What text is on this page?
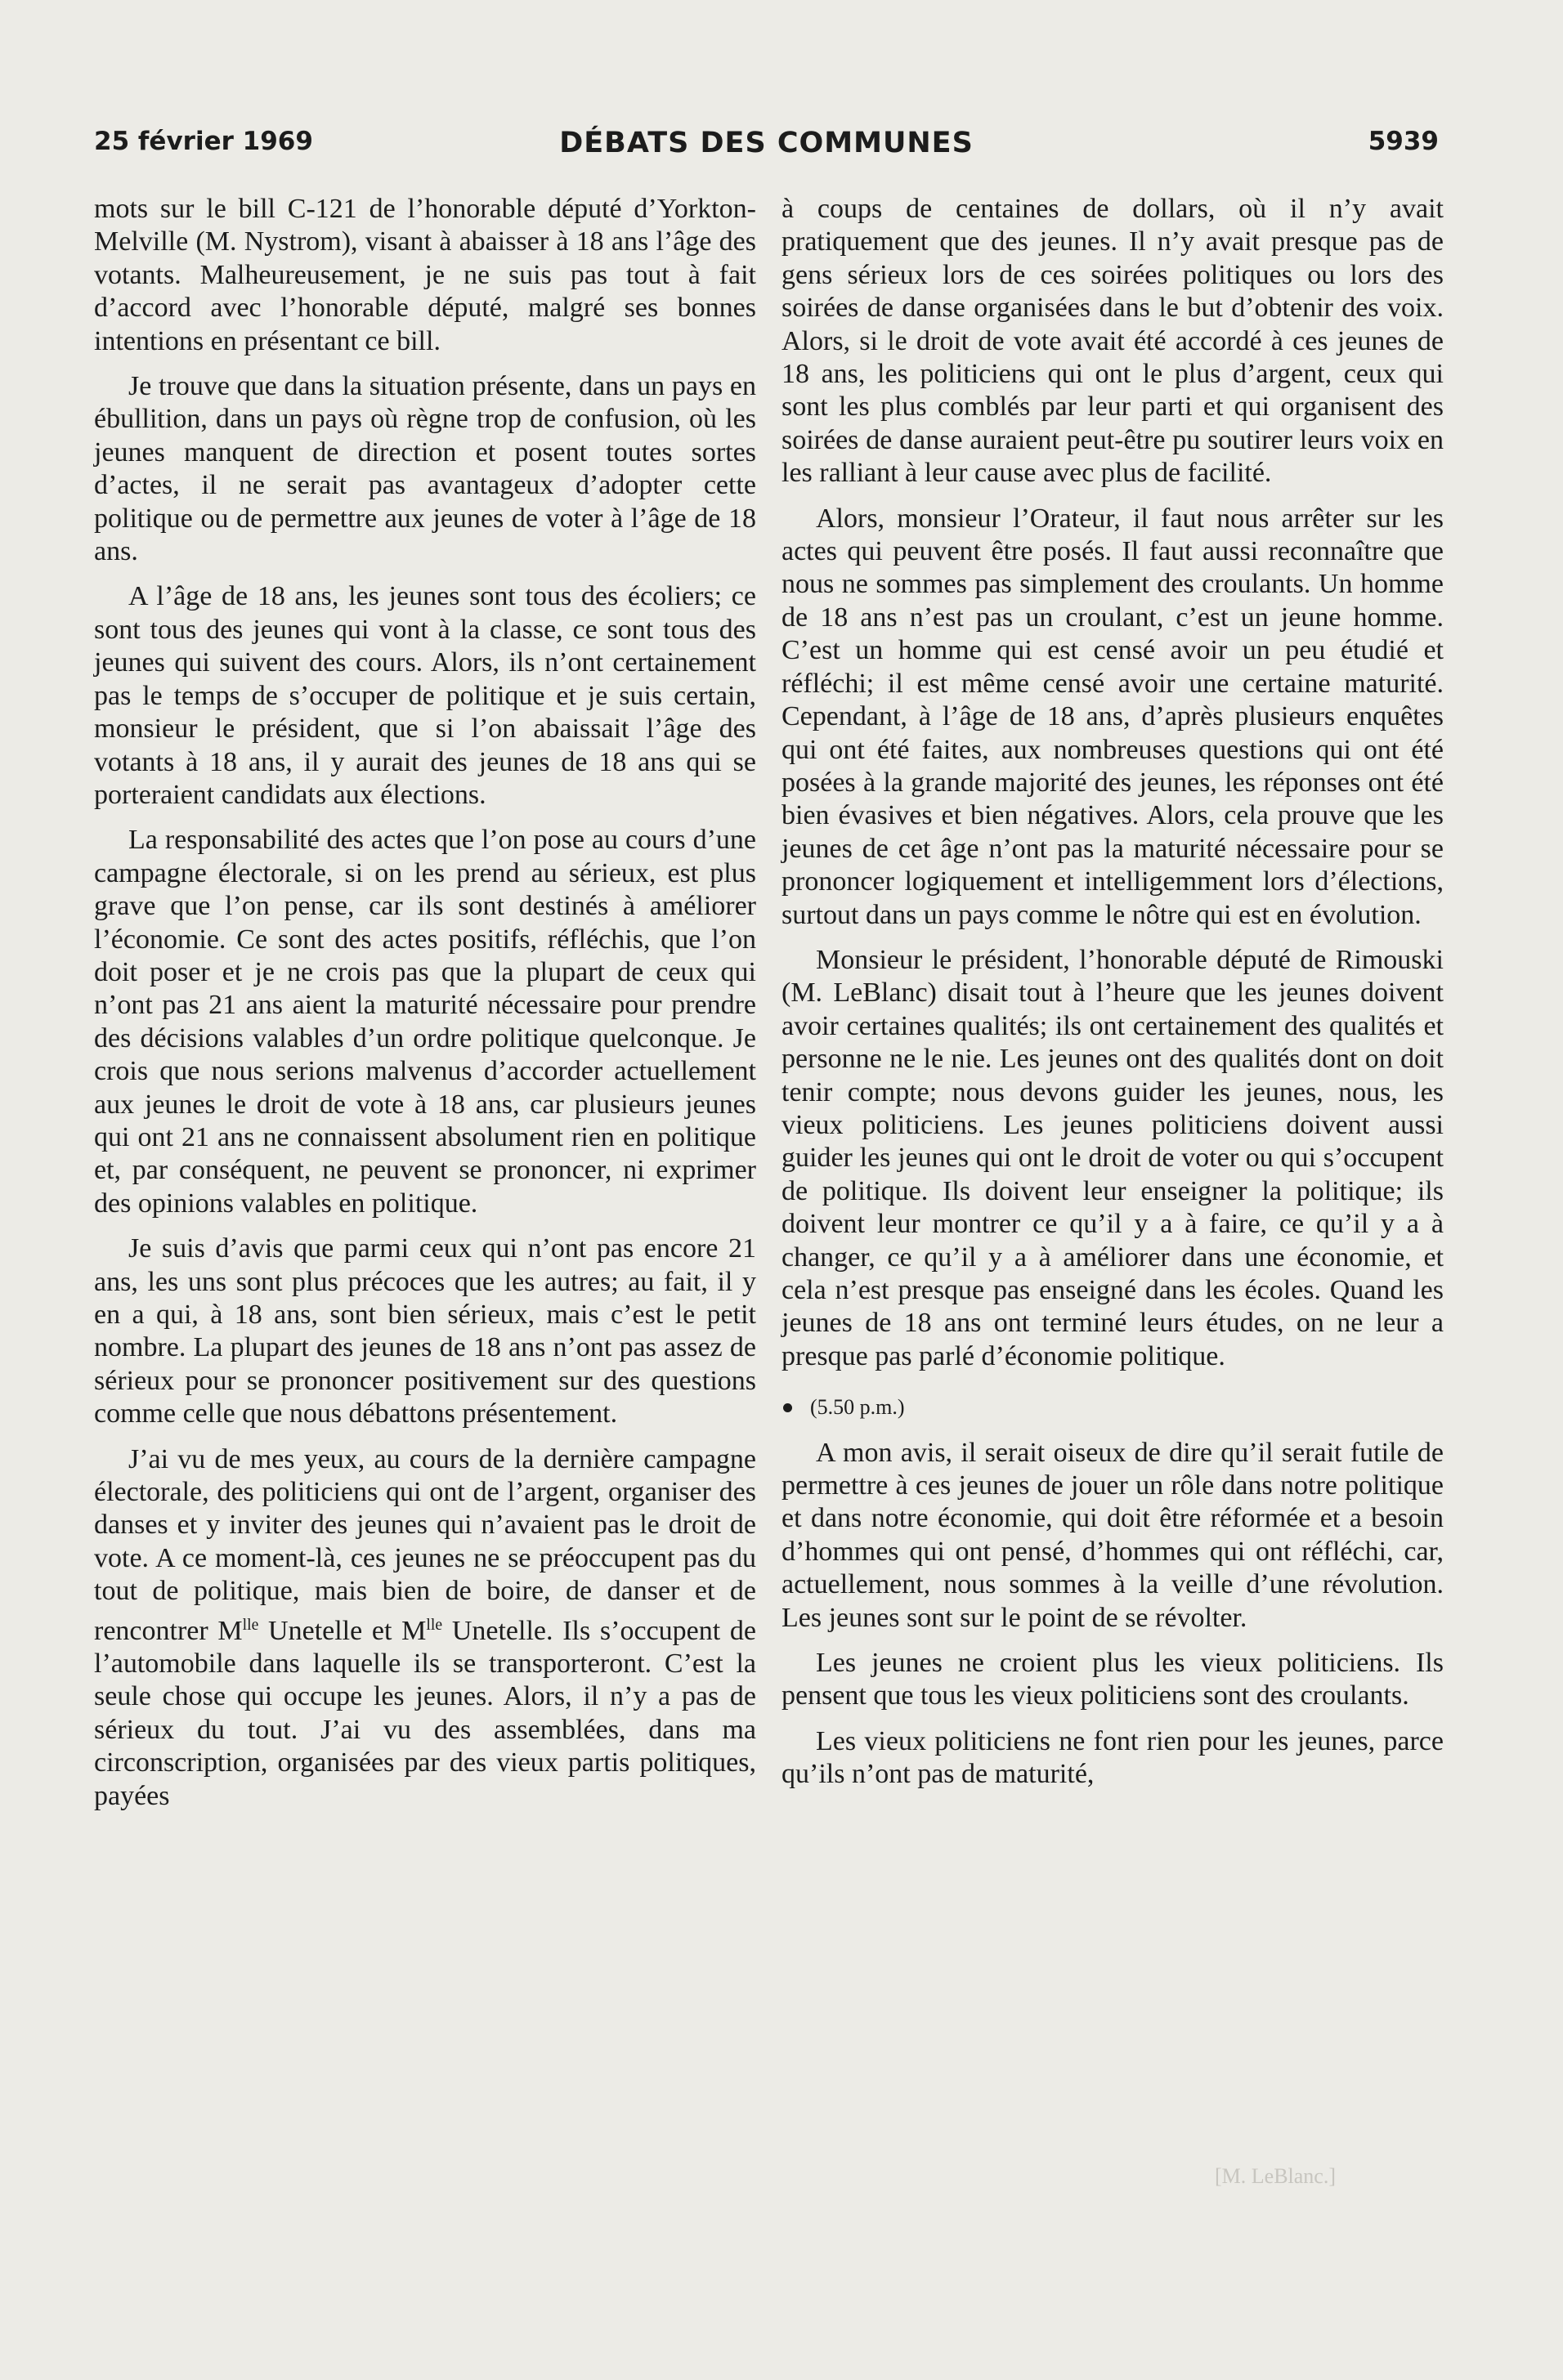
25 février 1969	DÉBATS DES COMMUNES	5939

mots sur le bill C-121 de l’honorable député d’Yorkton-Melville (M. Nystrom), visant à abaisser à 18 ans l’âge des votants. Malheureusement, je ne suis pas tout à fait d’accord avec l’honorable député, malgré ses bonnes intentions en présentant ce bill.

Je trouve que dans la situation présente, dans un pays en ébullition, dans un pays où règne trop de confusion, où les jeunes manquent de direction et posent toutes sortes d’actes, il ne serait pas avantageux d’adopter cette politique ou de permettre aux jeunes de voter à l’âge de 18 ans.

A l’âge de 18 ans, les jeunes sont tous des écoliers; ce sont tous des jeunes qui vont à la classe, ce sont tous des jeunes qui suivent des cours. Alors, ils n’ont certainement pas le temps de s’occuper de politique et je suis certain, monsieur le président, que si l’on abaissait l’âge des votants à 18 ans, il y aurait des jeunes de 18 ans qui se porteraient candidats aux élections.

La responsabilité des actes que l’on pose au cours d’une campagne électorale, si on les prend au sérieux, est plus grave que l’on pense, car ils sont destinés à améliorer l’économie. Ce sont des actes positifs, réfléchis, que l’on doit poser et je ne crois pas que la plupart de ceux qui n’ont pas 21 ans aient la maturité nécessaire pour prendre des décisions valables d’un ordre politique quelconque. Je crois que nous serions malvenus d’accorder actuellement aux jeunes le droit de vote à 18 ans, car plusieurs jeunes qui ont 21 ans ne connaissent absolument rien en politique et, par conséquent, ne peuvent se prononcer, ni exprimer des opinions valables en politique.

Je suis d’avis que parmi ceux qui n’ont pas encore 21 ans, les uns sont plus précoces que les autres; au fait, il y en a qui, à 18 ans, sont bien sérieux, mais c’est le petit nombre. La plupart des jeunes de 18 ans n’ont pas assez de sérieux pour se prononcer positivement sur des questions comme celle que nous débattons présentement.

J’ai vu de mes yeux, au cours de la dernière campagne électorale, des politiciens qui ont de l’argent, organiser des danses et y inviter des jeunes qui n’avaient pas le droit de vote. A ce moment-là, ces jeunes ne se préoccupent pas du tout de politique, mais bien de boire, de danser et de rencontrer $M^{lle}$ Unetelle et $M^{lle}$ Unetelle. Ils s’occupent de l’automobile dans laquelle ils se transporteront. C’est la seule chose qui occupe les jeunes. Alors, il n’y a pas de sérieux du tout. J’ai vu des assemblées, dans ma circonscription, organisées par des vieux partis politiques, payées

à coups de centaines de dollars, où il n’y avait pratiquement que des jeunes. Il n’y avait presque pas de gens sérieux lors de ces soirées politiques ou lors des soirées de danse organisées dans le but d’obtenir des voix. Alors, si le droit de vote avait été accordé à ces jeunes de 18 ans, les politiciens qui ont le plus d’argent, ceux qui sont les plus comblés par leur parti et qui organisent des soirées de danse auraient peut-être pu soutirer leurs voix en les ralliant à leur cause avec plus de facilité.

Alors, monsieur l’Orateur, il faut nous arrêter sur les actes qui peuvent être posés. Il faut aussi reconnaître que nous ne sommes pas simplement des croulants. Un homme de 18 ans n’est pas un croulant, c’est un jeune homme. C’est un homme qui est censé avoir un peu étudié et réfléchi; il est même censé avoir une certaine maturité. Cependant, à l’âge de 18 ans, d’après plusieurs enquêtes qui ont été faites, aux nombreuses questions qui ont été posées à la grande majorité des jeunes, les réponses ont été bien évasives et bien négatives. Alors, cela prouve que les jeunes de cet âge n’ont pas la maturité nécessaire pour se prononcer logiquement et intelligemment lors d’élections, surtout dans un pays comme le nôtre qui est en évolution.

Monsieur le président, l’honorable député de Rimouski (M. LeBlanc) disait tout à l’heure que les jeunes doivent avoir certaines qualités; ils ont certainement des qualités et personne ne le nie. Les jeunes ont des qualités dont on doit tenir compte; nous devons guider les jeunes, nous, les vieux politiciens. Les jeunes politiciens doivent aussi guider les jeunes qui ont le droit de voter ou qui s’occupent de politique. Ils doivent leur enseigner la politique; ils doivent leur montrer ce qu’il y a à faire, ce qu’il y a à changer, ce qu’il y a à améliorer dans une économie, et cela n’est presque pas enseigné dans les écoles. Quand les jeunes de 18 ans ont terminé leurs études, on ne leur a presque pas parlé d’économie politique.

(5.50 p.m.)

A mon avis, il serait oiseux de dire qu’il serait futile de permettre à ces jeunes de jouer un rôle dans notre politique et dans notre économie, qui doit être réformée et a besoin d’hommes qui ont pensé, d’hommes qui ont réfléchi, car, actuellement, nous sommes à la veille d’une révolution. Les jeunes sont sur le point de se révolter.

Les jeunes ne croient plus les vieux politiciens. Ils pensent que tous les vieux politiciens sont des croulants.

Les vieux politiciens ne font rien pour les jeunes, parce qu’ils n’ont pas de maturité,

[M. LeBlanc.]
